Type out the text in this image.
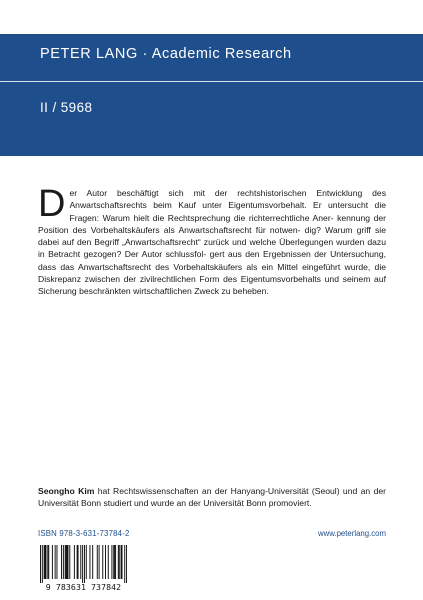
PETER LANG · Academic Research
II / 5968
D er Autor beschäftigt sich mit der rechtshistorischen Entwicklung des Anwartschaftsrechts beim Kauf unter Eigentumsvorbehalt. Er untersucht die Fragen: Warum hielt die Rechtsprechung die richterrechtliche Aner- kennung der Position des Vorbehaltskäufers als Anwartschaftsrecht für notwen- dig? Warum griff sie dabei auf den Begriff „Anwartschaftsrecht“ zurück und welche Überlegungen wurden dazu in Betracht gezogen? Der Autor schlussfol- gert aus den Ergebnissen der Untersuchung, dass das Anwartschaftsrecht des Vorbehaltskäufers als ein Mittel eingeführt wurde, die Diskrepanz zwischen der zivilrechtlichen Form des Eigentumsvorbehalts und seinem auf Sicherung beschränkten wirtschaftlichen Zweck zu beheben.
Seongho Kim hat Rechtswissenschaften an der Hanyang-Universität (Seoul) und an der Universität Bonn studiert und wurde an der Universität Bonn promoviert.
ISBN 978-3-631-73784-2	www.peterlang.com
9 783631 737842
